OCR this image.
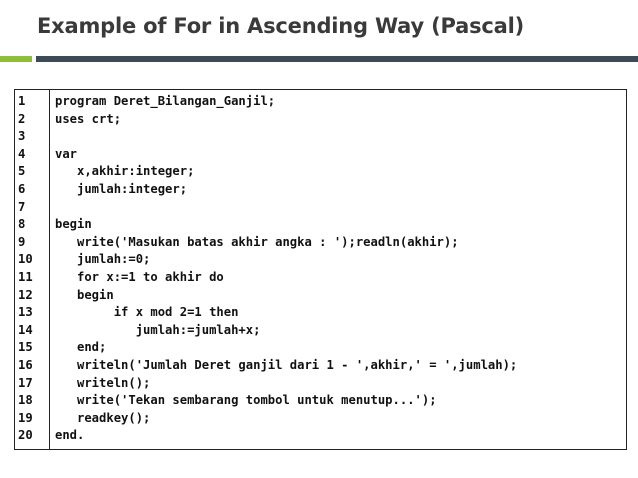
Example of For in Ascending Way (Pascal)
1
2
3
4
5
6
7
8
9
10
11
12
13
14
15
16
17
18
19
20
program Deret_Bilangan_Ganjil;
uses crt;
var
x,akhir:integer;
jumlah:integer;
begin
write('Masukan batas akhir angka : ');readln(akhir);
jumlah:=0;
for x:=1 to akhir do
begin
if x mod 2=1 then
jumlah:=jumlah+x;
end;
writeln('Jumlah Deret ganjil dari 1 - ',akhir,' = ',jumlah);
writeln();
write('Tekan sembarang tombol untuk menutup...');
readkey();
end.
